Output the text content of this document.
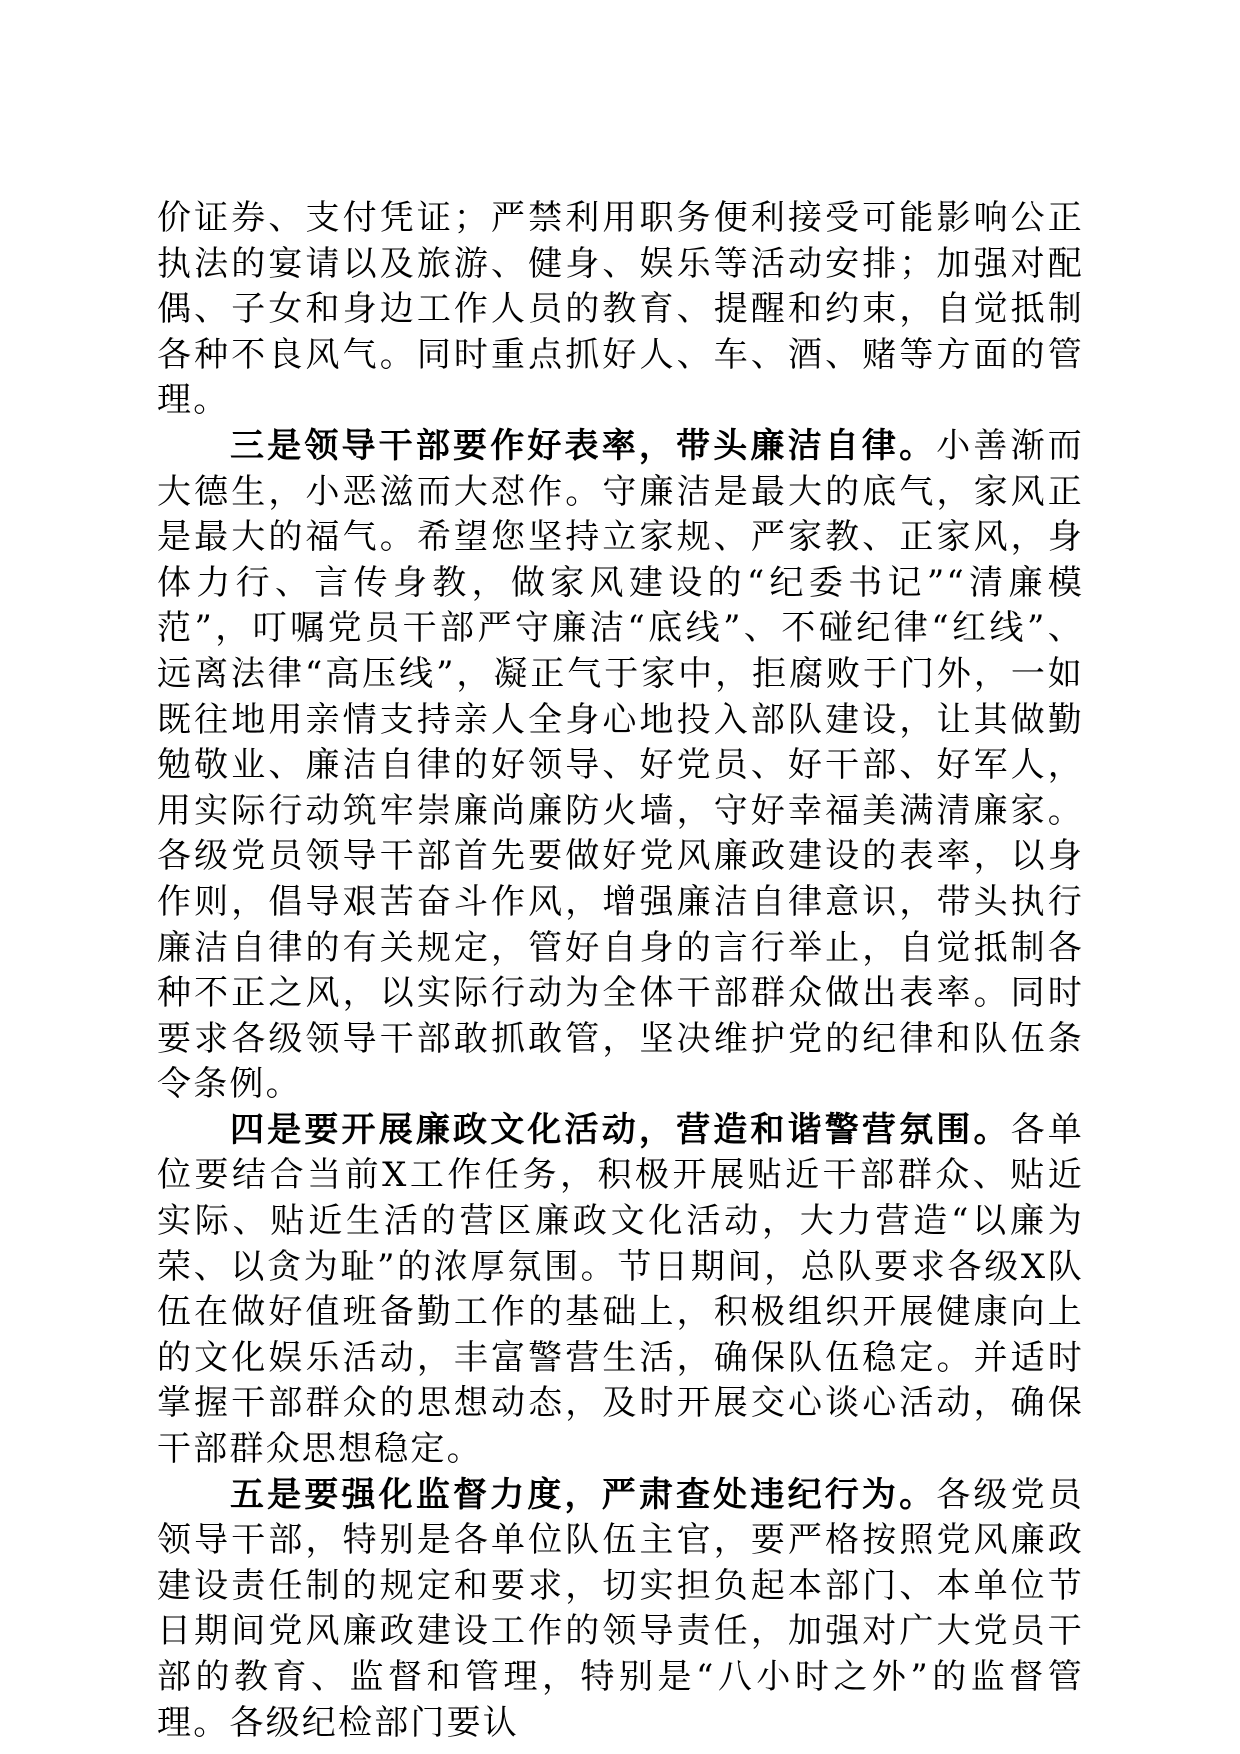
价证券、支付凭证；严禁利用职务便利接受可能影响公正执法的宴请以及旅游、健身、娱乐等活动安排；加强对配偶、子女和身边工作人员的教育、提醒和约束，自觉抵制各种不良风气。同时重点抓好人、车、酒、赌等方面的管理。

三是领导干部要作好表率，带头廉洁自律。小善渐而大德生，小恶滋而大怼作。守廉洁是最大的底气，家风正是最大的福气。希望您坚持立家规、严家教、正家风，身体力行、言传身教，做家风建设的“纪委书记”“清廉模范”，叮嘱党员干部严守廉洁“底线”、不碰纪律“红线”、远离法律“高压线”，凝正气于家中，拒腐败于门外，一如既往地用亲情支持亲人全身心地投入部队建设，让其做勤勉敬业、廉洁自律的好领导、好党员、好干部、好军人，用实际行动筑牢崇廉尚廉防火墙，守好幸福美满清廉家。各级党员领导干部首先要做好党风廉政建设的表率，以身作则，倡导艰苦奋斗作风，增强廉洁自律意识，带头执行廉洁自律的有关规定，管好自身的言行举止，自觉抵制各种不正之风，以实际行动为全体干部群众做出表率。同时要求各级领导干部敢抓敢管，坚决维护党的纪律和队伍条令条例。

四是要开展廉政文化活动，营造和谐警营氛围。各单位要结合当前X工作任务，积极开展贴近干部群众、贴近实际、贴近生活的营区廉政文化活动，大力营造“以廉为荣、以贪为耻”的浓厚氛围。节日期间，总队要求各级X队伍在做好值班备勤工作的基础上，积极组织开展健康向上的文化娱乐活动，丰富警营生活，确保队伍稳定。并适时掌握干部群众的思想动态，及时开展交心谈心活动，确保干部群众思想稳定。

五是要强化监督力度，严肃查处违纪行为。各级党员领导干部，特别是各单位队伍主官，要严格按照党风廉政建设责任制的规定和要求，切实担负起本部门、本单位节日期间党风廉政建设工作的领导责任，加强对广大党员干部的教育、监督和管理，特别是“八小时之外”的监督管理。各级纪检部门要认
